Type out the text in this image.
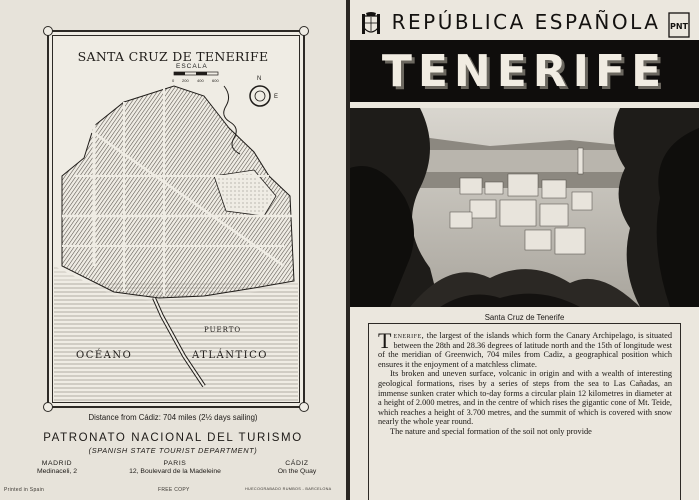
SANTA CRUZ DE TENERIFE
ESCALA
N
E
0 200 400 600
PUERTO
OCÉANO	ATLÁNTICO
Distance from Cádiz: 704 miles (2½ days sailing)
PATRONATO NACIONAL DEL TURISMO
(SPANISH STATE TOURIST DEPARTMENT)
MADRID
Medinaceli, 2
PARIS
12, Boulevard de la Madeleine
CÁDIZ
On the Quay
Printed in Spain	FREE COPY	HUECOGRABADO RUMBOS - BARCELONA
REPÚBLICA ESPAÑOLA	PNT
TENERIFE
Santa Cruz de Tenerife

Tenerife, the largest of the islands which form the Canary Archipelago, is situated between the 28th and 28.36 degrees of latitude north and the 15th of longitude west of the meridian of Greenwich, 704 miles from Cadiz, a geographical position which ensures it the enjoyment of a matchless climate.

Its broken and uneven surface, volcanic in origin and with a wealth of interesting geological formations, rises by a series of steps from the sea to Las Cañadas, an immense sunken crater which to-day forms a circular plain 12 kilometres in diameter at a height of 2.000 metres, and in the centre of which rises the gigantic cone of Mt. Teide, which reaches a height of 3.700 metres, and the summit of which is covered with snow nearly the whole year round.

The nature and special formation of the soil not only provide
